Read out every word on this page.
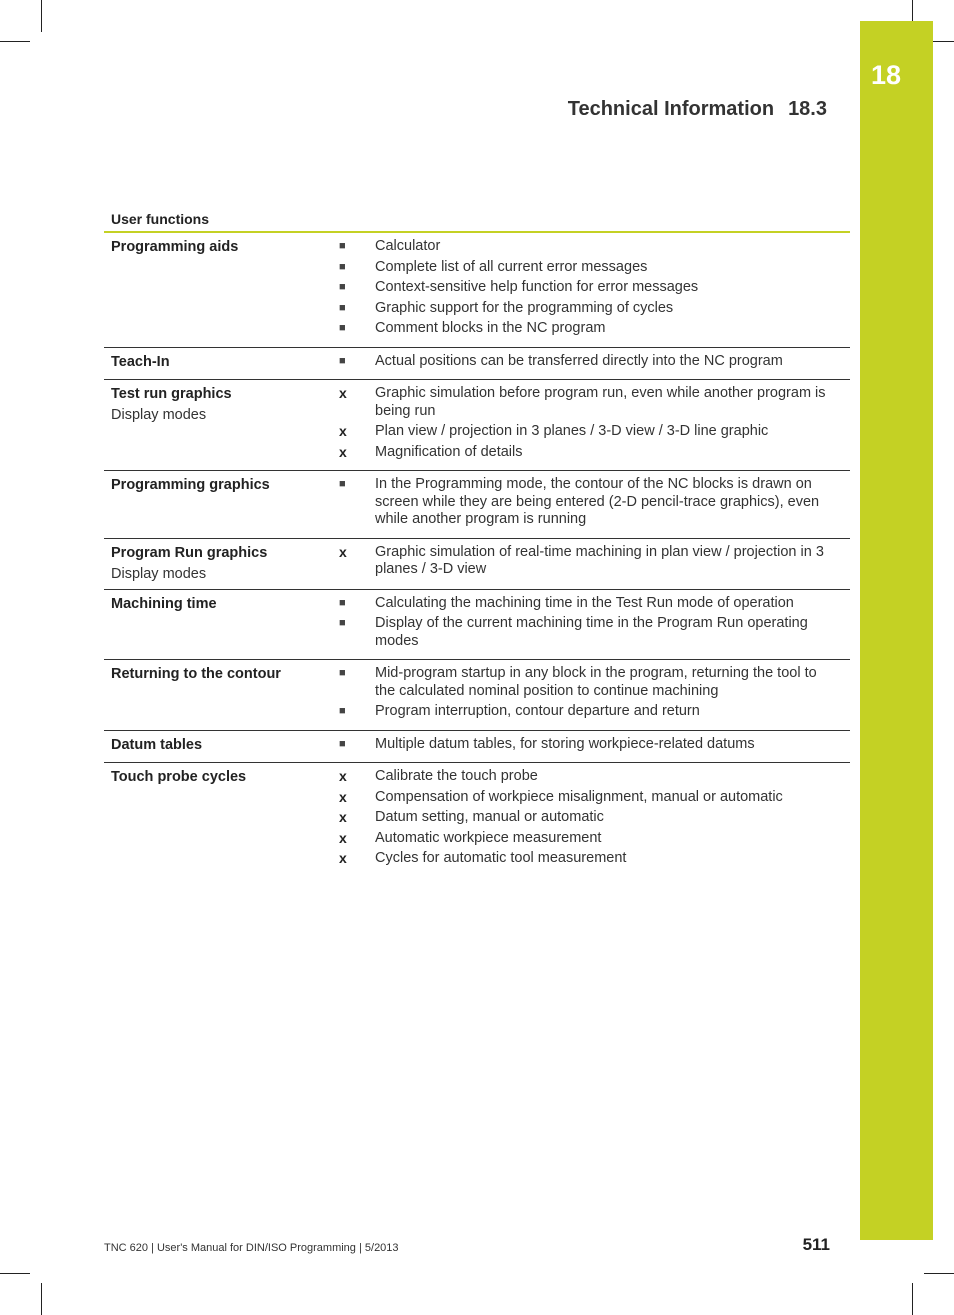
18
Technical Information 18.3
User functions
Programming aids	■	Calculator
■	Complete list of all current error messages
■	Context-sensitive help function for error messages
■	Graphic support for the programming of cycles
■	Comment blocks in the NC program
Teach-In	■	Actual positions can be transferred directly into the NC program
Test run graphics
Display modes
x	Graphic simulation before program run, even while another program is being run
x	Plan view / projection in 3 planes / 3-D view / 3-D line graphic
x	Magnification of details
Programming graphics	■	In the Programming mode, the contour of the NC blocks is drawn on screen while they are being entered (2-D pencil-trace graphics), even while another program is running
Program Run graphics
Display modes
x	Graphic simulation of real-time machining in plan view / projection in 3 planes / 3-D view
Machining time	■	Calculating the machining time in the Test Run mode of operation
■	Display of the current machining time in the Program Run operating modes
Returning to the contour	■	Mid-program startup in any block in the program, returning the tool to the calculated nominal position to continue machining
■	Program interruption, contour departure and return
Datum tables	■	Multiple datum tables, for storing workpiece-related datums
Touch probe cycles	x	Calibrate the touch probe
x	Compensation of workpiece misalignment, manual or automatic
x	Datum setting, manual or automatic
x	Automatic workpiece measurement
x	Cycles for automatic tool measurement
TNC 620 | User's Manual for DIN/ISO Programming | 5/2013	511
